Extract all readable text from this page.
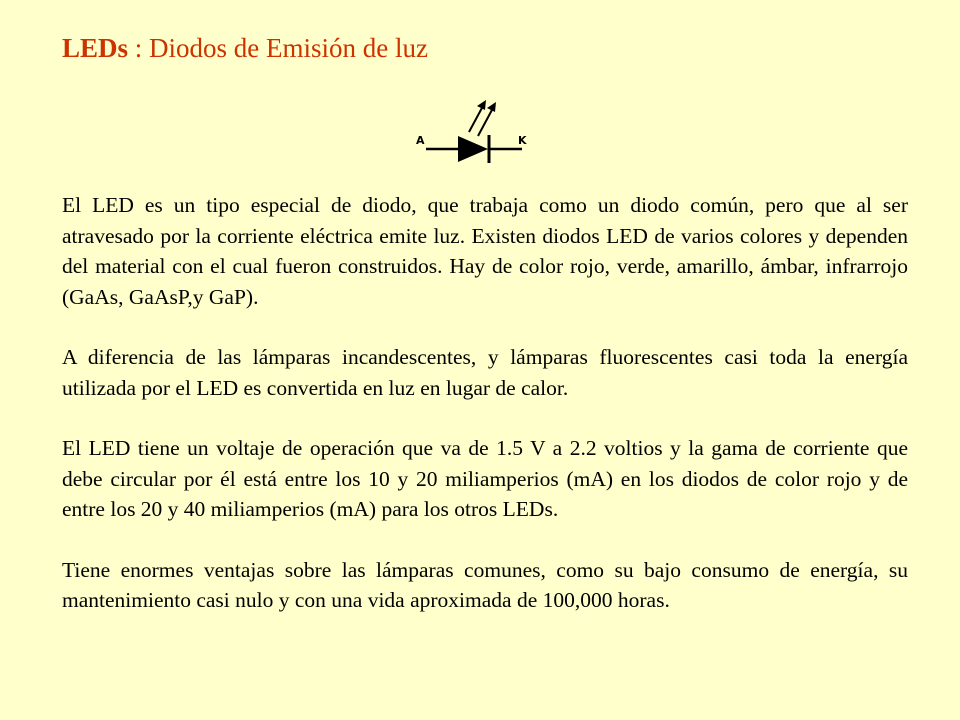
LEDs : Diodos de Emisión de luz
A	K

El LED es un tipo especial de diodo, que trabaja como un diodo común, pero que al ser atravesado por la corriente eléctrica emite luz. Existen diodos LED de varios colores y dependen del material con el cual fueron construidos. Hay de color rojo, verde, amarillo, ámbar, infrarrojo (GaAs, GaAsP,y GaP).

A diferencia de las lámparas incandescentes, y lámparas fluorescentes casi toda la energía utilizada por el LED es convertida en luz en lugar de calor.

El LED tiene un voltaje de operación que va de 1.5 V a 2.2 voltios y la gama de corriente que debe circular por él está entre los 10 y 20 miliamperios (mA) en los diodos de color rojo y de entre los 20 y 40 miliamperios (mA) para los otros LEDs.

Tiene enormes ventajas sobre las lámparas comunes, como su bajo consumo de energía, su mantenimiento casi nulo y con una vida aproximada de 100,000 horas.
